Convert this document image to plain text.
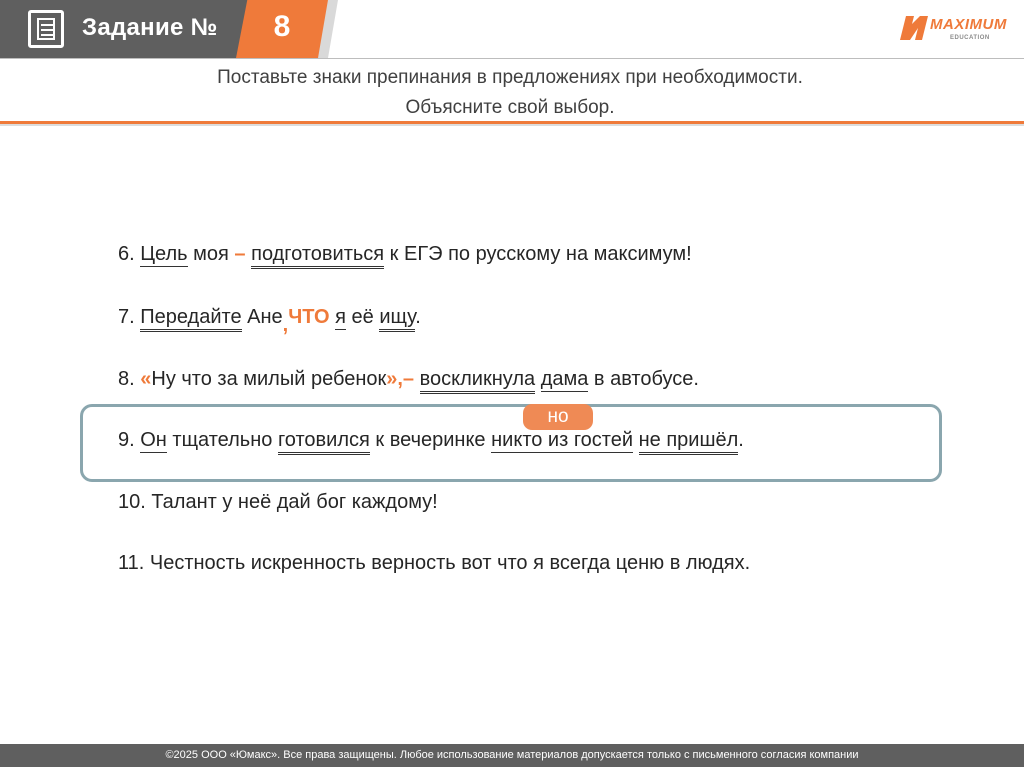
Задание №	8	MAXIMUM
EDUCATION
Поставьте знаки препинания в предложениях при необходимости.
Объясните свой выбор.
6. Цель моя – подготовиться к ЕГЭ по русскому на максимум!
7. Передайте Ане,ЧТО я её ищу.
8. «Ну что за милый ребенок»,– воскликнула дама в автобусе.
но
9. Он тщательно готовился к вечеринке никто из гостей не пришёл.
10. Талант у неё дай бог каждому!
11. Честность искренность верность вот что я всегда ценю в людях.
©2025 ООО «Юмакс». Все права защищены. Любое использование материалов допускается только с письменного согласия компании
